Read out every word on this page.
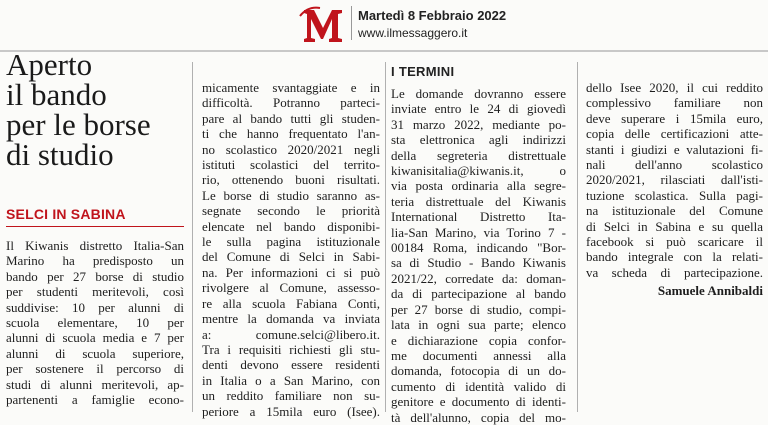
Martedì 8 Febbraio 2022
www.ilmessaggero.it
Aperto
il bando
per le borse
di studio
SELCI IN SABINA
Il Kiwanis distretto Italia-San
Marino ha predisposto un
bando per 27 borse di studio
per studenti meritevoli, così
suddivise: 10 per alunni di
scuola elementare, 10 per
alunni di scuola media e 7 per
alunni di scuola superiore,
per sostenere il percorso di
studi di alunni meritevoli, ap-
partenenti a famiglie econo-
micamente svantaggiate e in
difficoltà. Potranno parteci-
pare al bando tutti gli studen-
ti che hanno frequentato l'an-
no scolastico 2020/2021 negli
istituti scolastici del territo-
rio, ottenendo buoni risultati.
Le borse di studio saranno as-
segnate secondo le priorità
elencate nel bando disponibi-
le sulla pagina istituzionale
del Comune di Selci in Sabi-
na. Per informazioni ci si può
rivolgere al Comune, assesso-
re alla scuola Fabiana Conti,
mentre la domanda va inviata
a: comune.selci@libero.it.
Tra i requisiti richiesti gli stu-
denti devono essere residenti
in Italia o a San Marino, con
un reddito familiare non su-
periore a 15mila euro (Isee).
I TERMINI
Le domande dovranno essere
inviate entro le 24 di giovedì
31 marzo 2022, mediante po-
sta elettronica agli indirizzi
della segreteria distrettuale
kiwanisitalia@kiwanis.it, o
via posta ordinaria alla segre-
teria distrettuale del Kiwanis
International Distretto Ita-
lia-San Marino, via Torino 7 -
00184 Roma, indicando "Bor-
sa di Studio - Bando Kiwanis
2021/22, corredate da: doman-
da di partecipazione al bando
per 27 borse di studio, compi-
lata in ogni sua parte; elenco
e dichiarazione copia confor-
me documenti annessi alla
domanda, fotocopia di un do-
cumento di identità valido di
genitore e documento di identi-
tà dell'alunno, copia del mo-
dello Isee 2020, il cui reddito
complessivo familiare non
deve superare i 15mila euro,
copia delle certificazioni atte-
stanti i giudizi e valutazioni fi-
nali dell'anno scolastico
2020/2021, rilasciati dall'isti-
tuzione scolastica. Sulla pagi-
na istituzionale del Comune
di Selci in Sabina e su quella
facebook si può scaricare il
bando integrale con la relati-
va scheda di partecipazione.
Samuele Annibaldi
